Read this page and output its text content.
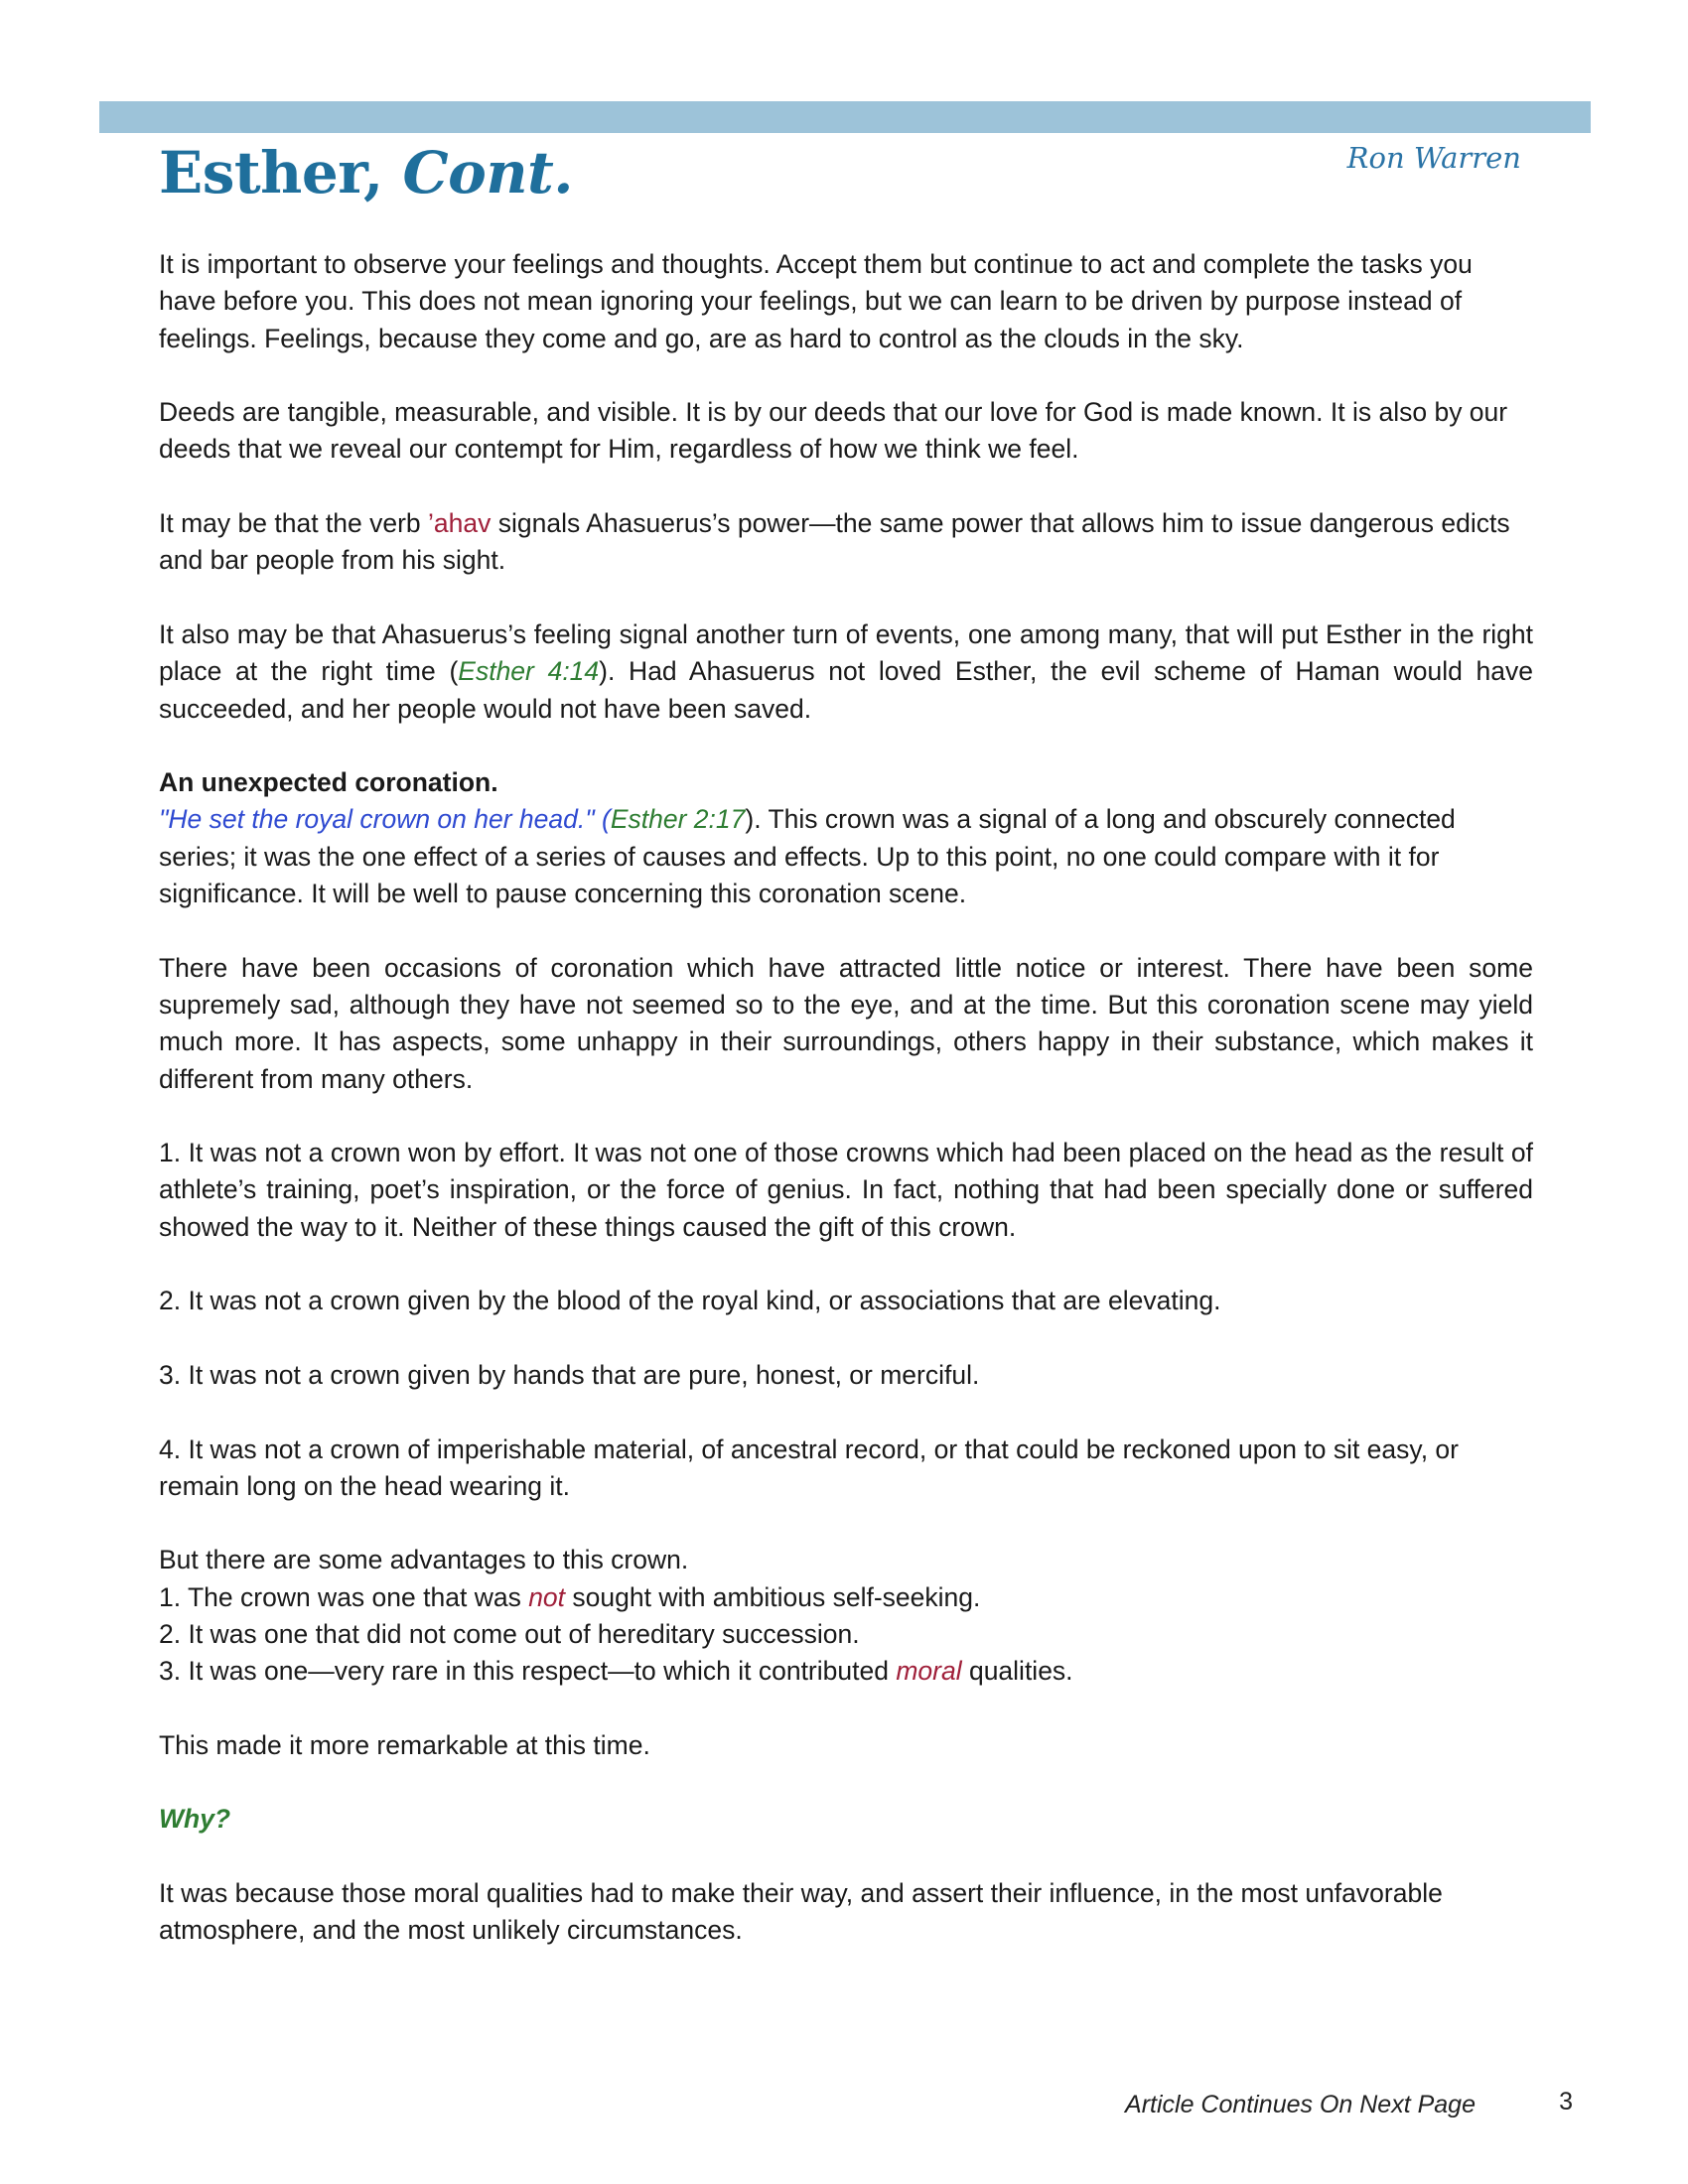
Esther, Cont.	Ron Warren

It is important to observe your feelings and thoughts. Accept them but continue to act and complete the tasks you have before you. This does not mean ignoring your feelings, but we can learn to be driven by purpose instead of feelings. Feelings, because they come and go, are as hard to control as the clouds in the sky.

Deeds are tangible, measurable, and visible. It is by our deeds that our love for God is made known. It is also by our deeds that we reveal our contempt for Him, regardless of how we think we feel.

It may be that the verb ’ahav signals Ahasuerus’s power—the same power that allows him to issue dangerous edicts and bar people from his sight.

It also may be that Ahasuerus’s feeling signal another turn of events, one among many, that will put Esther in the right place at the right time (Esther 4:14). Had Ahasuerus not loved Esther, the evil scheme of Haman would have succeeded, and her people would not have been saved.

An unexpected coronation.

"He set the royal crown on her head." (Esther 2:17). This crown was a signal of a long and obscurely connected series; it was the one effect of a series of causes and effects. Up to this point, no one could compare with it for significance. It will be well to pause concerning this coronation scene.

There have been occasions of coronation which have attracted little notice or interest. There have been some supremely sad, although they have not seemed so to the eye, and at the time. But this coronation scene may yield much more. It has aspects, some unhappy in their surroundings, others happy in their substance, which makes it different from many others.

1. It was not a crown won by effort. It was not one of those crowns which had been placed on the head as the result of athlete’s training, poet’s inspiration, or the force of genius. In fact, nothing that had been specially done or suffered showed the way to it. Neither of these things caused the gift of this crown.

2. It was not a crown given by the blood of the royal kind, or associations that are elevating.

3. It was not a crown given by hands that are pure, honest, or merciful.

4. It was not a crown of imperishable material, of ancestral record, or that could be reckoned upon to sit easy, or remain long on the head wearing it.

But there are some advantages to this crown.
1. The crown was one that was not sought with ambitious self-seeking.
2. It was one that did not come out of hereditary succession.

3. It was one—very rare in this respect—to which it contributed moral qualities.

This made it more remarkable at this time.

Why?

It was because those moral qualities had to make their way, and assert their influence, in the most unfavorable atmosphere, and the most unlikely circumstances.

Article Continues On Next Page	3
